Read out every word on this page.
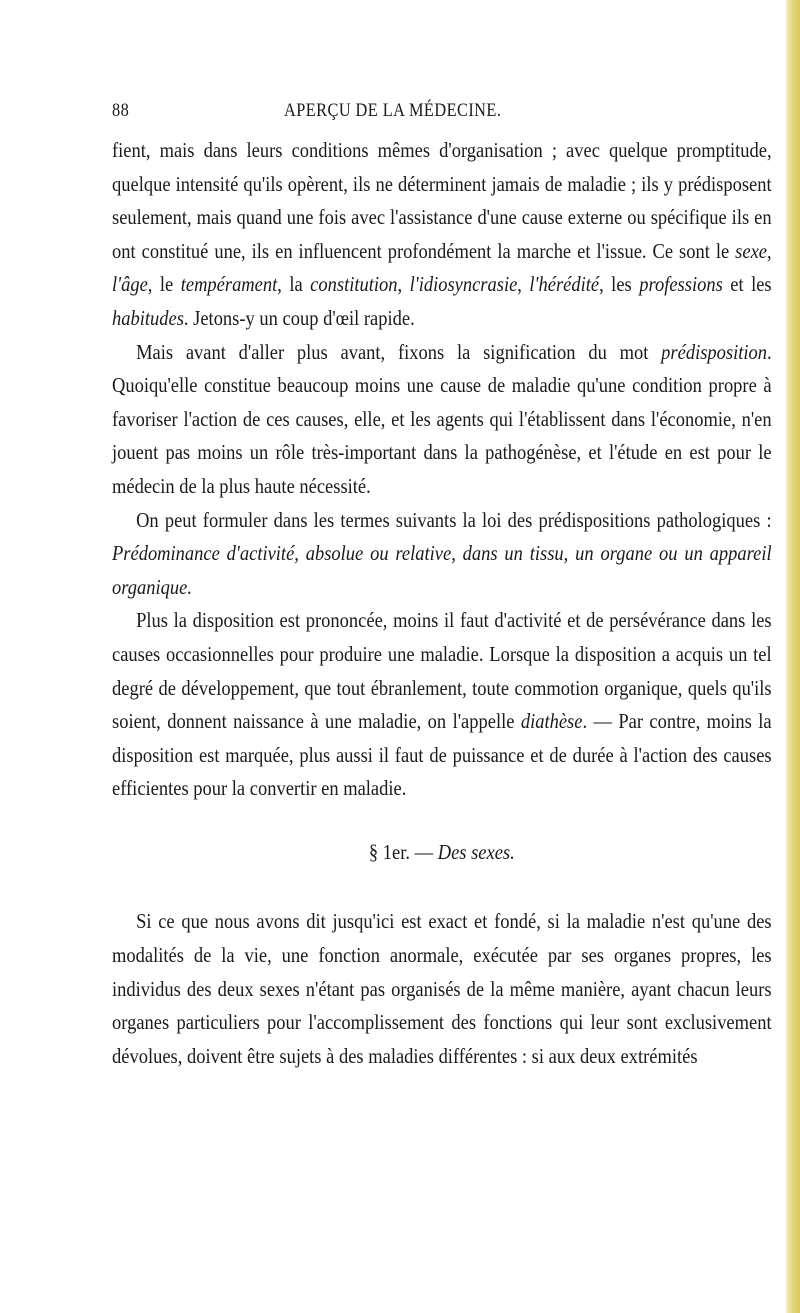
88	APERÇU DE LA MÉDECINE.

fient, mais dans leurs conditions mêmes d'organisation ; avec quelque promptitude, quelque intensité qu'ils opèrent, ils ne déterminent jamais de maladie ; ils y prédisposent seulement, mais quand une fois avec l'assistance d'une cause externe ou spécifique ils en ont constitué une, ils en influencent profondément la marche et l'issue. Ce sont le sexe, l'âge, le tempérament, la constitution, l'idiosyncrasie, l'hérédité, les professions et les habitudes. Jetons-y un coup d'œil rapide.

Mais avant d'aller plus avant, fixons la signification du mot prédisposition. Quoiqu'elle constitue beaucoup moins une cause de maladie qu'une condition propre à favoriser l'action de ces causes, elle, et les agents qui l'établissent dans l'économie, n'en jouent pas moins un rôle très-important dans la pathogénèse, et l'étude en est pour le médecin de la plus haute nécessité.

On peut formuler dans les termes suivants la loi des prédispositions pathologiques : Prédominance d'activité, absolue ou relative, dans un tissu, un organe ou un appareil organique.

Plus la disposition est prononcée, moins il faut d'activité et de persévérance dans les causes occasionnelles pour produire une maladie. Lorsque la disposition a acquis un tel degré de développement, que tout ébranlement, toute commotion organique, quels qu'ils soient, donnent naissance à une maladie, on l'appelle diathèse. — Par contre, moins la disposition est marquée, plus aussi il faut de puissance et de durée à l'action des causes efficientes pour la convertir en maladie.

§ 1er. — Des sexes.

Si ce que nous avons dit jusqu'ici est exact et fondé, si la maladie n'est qu'une des modalités de la vie, une fonction anormale, exécutée par ses organes propres, les individus des deux sexes n'étant pas organisés de la même manière, ayant chacun leurs organes particuliers pour l'accomplissement des fonctions qui leur sont exclusivement dévolues, doivent être sujets à des maladies différentes : si aux deux extrémités
